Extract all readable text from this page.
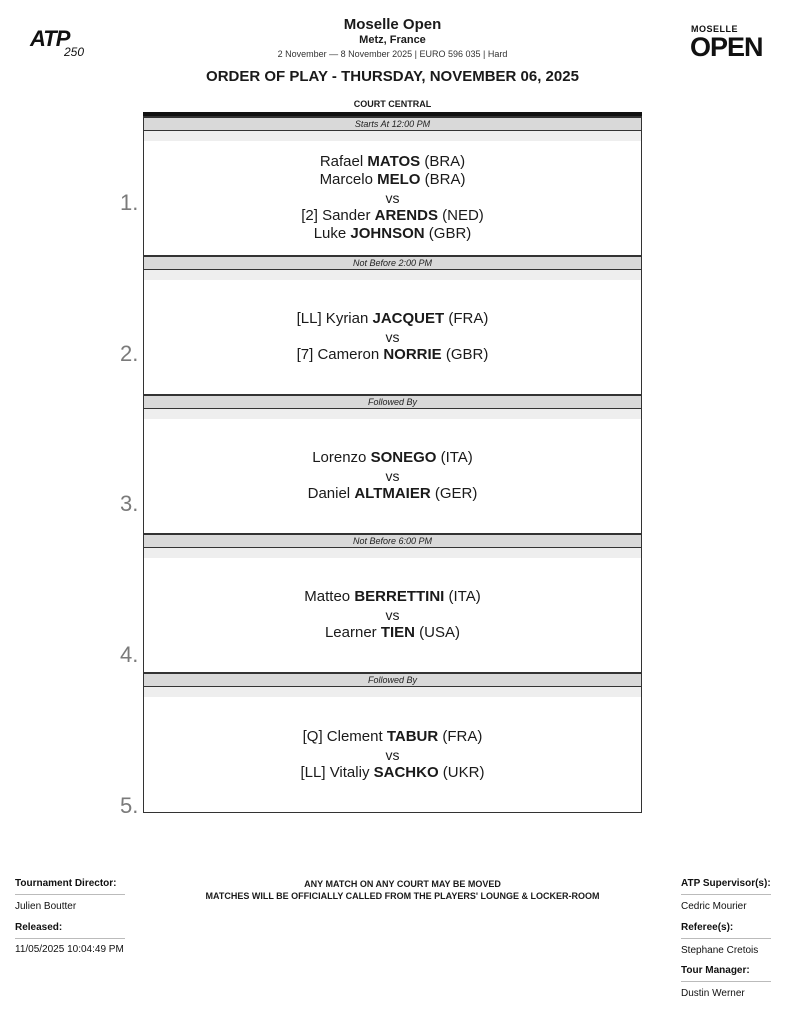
ATP
250
MOSELLE
OPEN
Moselle Open
Metz, France
2 November — 8 November 2025 | EURO 596 035 | Hard
ORDER OF PLAY - THURSDAY, NOVEMBER 06, 2025
COURT CENTRAL
Starts At 12:00 PM
Rafael MATOS (BRA)
Marcelo MELO (BRA)
vs
[2] Sander ARENDS (NED)
Luke JOHNSON (GBR)
Not Before 2:00 PM
[LL] Kyrian JACQUET (FRA)
vs
[7] Cameron NORRIE (GBR)
Followed By
Lorenzo SONEGO (ITA)
vs
Daniel ALTMAIER (GER)
Not Before 6:00 PM
Matteo BERRETTINI (ITA)
vs
Learner TIEN (USA)
Followed By
[Q] Clement TABUR (FRA)
vs
[LL] Vitaliy SACHKO (UKR)
1.
2.
3.
4.
5.
ANY MATCH ON ANY COURT MAY BE MOVED
MATCHES WILL BE OFFICIALLY CALLED FROM THE PLAYERS' LOUNGE & LOCKER-ROOM
Tournament Director:
Julien Boutter
Released:
11/05/2025 10:04:49 PM
ATP Supervisor(s):
Cedric Mourier
Referee(s):
Stephane Cretois
Tour Manager:
Dustin Werner
